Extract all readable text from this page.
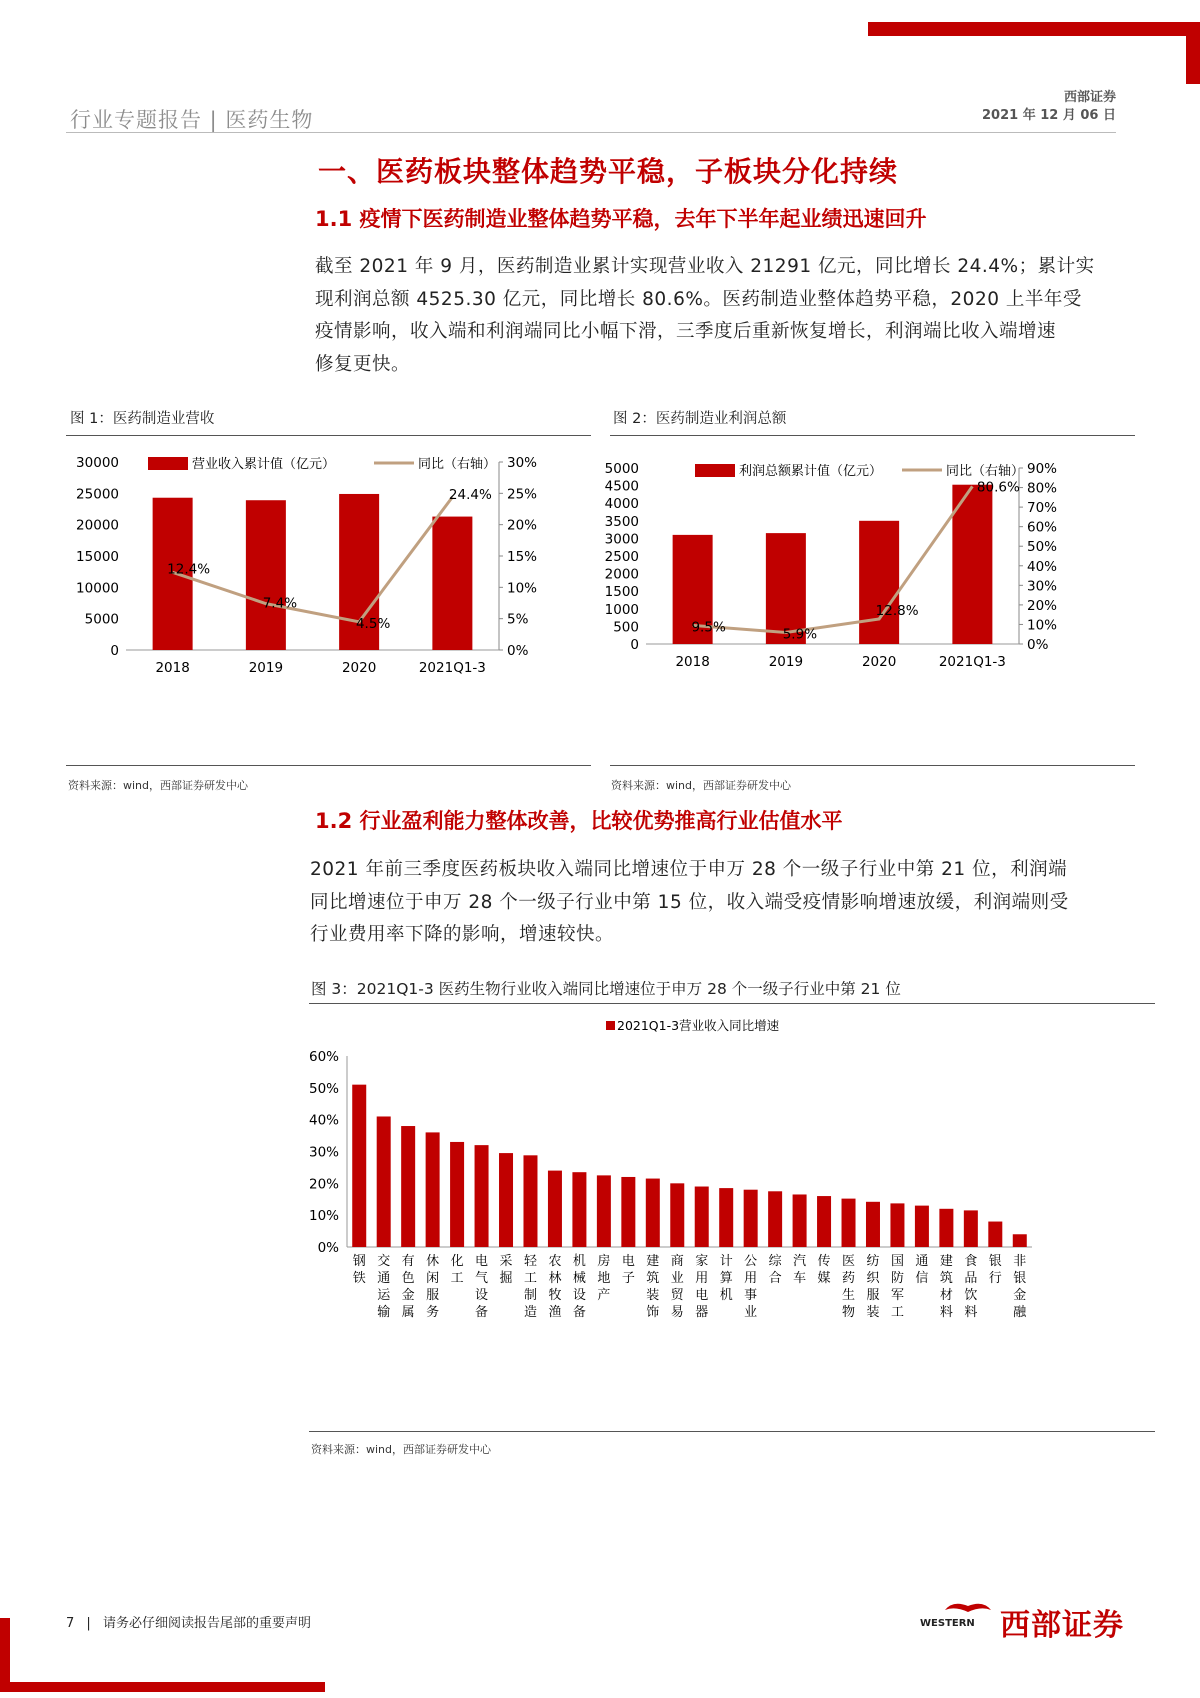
行业专题报告 | 医药生物
西部证券
2021 年 12 月 06 日
一、医药板块整体趋势平稳，子板块分化持续
1.1 疫情下医药制造业整体趋势平稳，去年下半年起业绩迅速回升
截至 2021 年 9 月，医药制造业累计实现营业收入 21291 亿元，同比增长 24.4%；累计实
现利润总额 4525.30 亿元，同比增长 80.6%。医药制造业整体趋势平稳，2020 上半年受
疫情影响，收入端和利润端同比小幅下滑，三季度后重新恢复增长，利润端比收入端增速
修复更快。
图 1：医药制造业营收
营业收入累计值（亿元）	同比（右轴）
0
5000
10000
15000
20000
25000
30000
0%
5%
10%
15%
20%
25%
30%
2018	2019	2020	2021Q1-3
12.4%
7.4%
4.5%
24.4%
资料来源：wind，西部证券研发中心
图 2：医药制造业利润总额
利润总额累计值（亿元）	同比（右轴）
0
500
1000
1500
2000
2500
3000
3500
4000
4500
5000
0%
10%
20%
30%
40%
50%
60%
70%
80%
90%
2018	2019	2020	2021Q1-3
9.5%	5.9%
12.8%
80.6%
资料来源：wind，西部证券研发中心
1.2 行业盈利能力整体改善，比较优势推高行业估值水平
2021 年前三季度医药板块收入端同比增速位于申万 28 个一级子行业中第 21 位，利润端
同比增速位于申万 28 个一级子行业中第 15 位，收入端受疫情影响增速放缓，利润端则受
行业费用率下降的影响，增速较快。
图 3：2021Q1-3 医药生物行业收入端同比增速位于申万 28 个一级子行业中第 21 位
2021Q1-3营业收入同比增速
0%
10%
20%
30%
40%
50%
60%
钢铁
交通运输
有色金属
休闲服务
化工
电气设备
采掘
轻工制造
农林牧渔
机械设备
房地产
电子
建筑装饰
商业贸易
家用电器
计算机
公用事业
综合
汽车
传媒
医药生物
纺织服装
国防军工
通信
建筑材料
食品饮料
银行
非银金融
资料来源：wind，西部证券研发中心
7 | 请务必仔细阅读报告尾部的重要声明	WESTERN 西部证券
